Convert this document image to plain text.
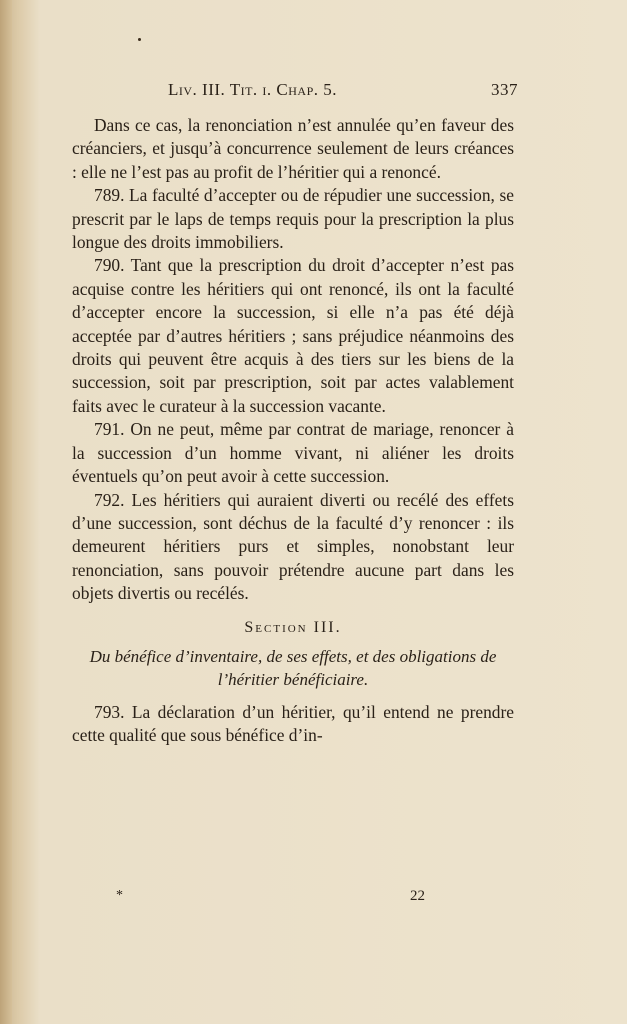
Liv. III. Tit. i. Chap. 5.	337

Dans ce cas, la renonciation n’est annulée qu’en faveur des créanciers, et jusqu’à concurrence seulement de leurs créances : elle ne l’est pas au profit de l’héritier qui a renoncé.

789. La faculté d’accepter ou de répudier une succession, se prescrit par le laps de temps requis pour la prescription la plus longue des droits immobiliers.

790. Tant que la prescription du droit d’accepter n’est pas acquise contre les héritiers qui ont renoncé, ils ont la faculté d’accepter encore la succession, si elle n’a pas été déjà acceptée par d’autres héritiers ; sans préjudice néanmoins des droits qui peuvent être acquis à des tiers sur les biens de la succession, soit par prescription, soit par actes valablement faits avec le curateur à la succession vacante.

791. On ne peut, même par contrat de mariage, renoncer à la succession d’un homme vivant, ni aliéner les droits éventuels qu’on peut avoir à cette succession.

792. Les héritiers qui auraient diverti ou recélé des effets d’une succession, sont déchus de la faculté d’y renoncer : ils demeurent héritiers purs et simples, nonobstant leur renonciation, sans pouvoir prétendre aucune part dans les objets divertis ou recélés.

Section III.
Du bénéfice d’inventaire, de ses effets, et des obligations de l’héritier bénéficiaire.

793. La déclaration d’un héritier, qu’il entend ne prendre cette qualité que sous bénéfice d’in-

*	22
